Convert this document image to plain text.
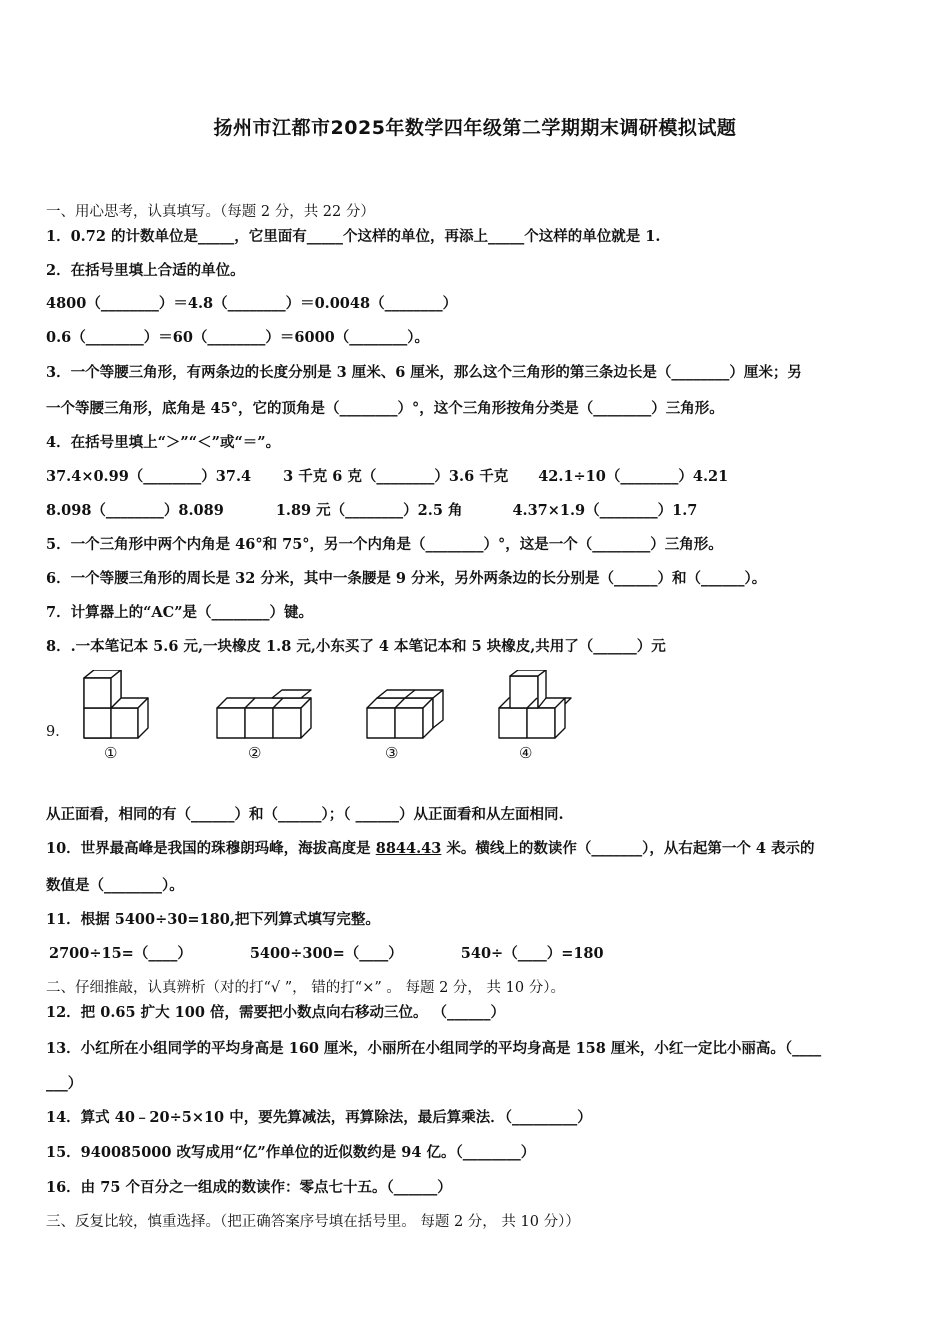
扬州市江都市2025年数学四年级第二学期期末调研模拟试题
一、用心思考，认真填写。（每题 2 分，共 22 分）
1．0.72 的计数单位是_____，它里面有_____个这样的单位，再添上_____个这样的单位就是 1.
2．在括号里填上合适的单位。
4800（________）＝4.8（________）＝0.0048（________）
0.6（________）＝60（________）＝6000（________）。
3．一个等腰三角形，有两条边的长度分别是 3 厘米、6 厘米，那么这个三角形的第三条边长是（________）厘米；另
一个等腰三角形，底角是 45°，它的顶角是（________）°，这个三角形按角分类是（________）三角形。
4．在括号里填上“＞”“＜”或“＝”。
37.4×0.99（________）37.4 3 千克 6 克（________）3.6 千克 42.1÷10（________）4.21
8.098（________）8.089	1.89 元（________）2.5 角	4.37×1.9（________）1.7
5．一个三角形中两个内角是 46°和 75°，另一个内角是（________）°，这是一个（________）三角形。
6．一个等腰三角形的周长是 32 分米，其中一条腰是 9 分米，另外两条边的长分别是（______）和（______）。
7．计算器上的“AC”是（________）键。
8．.一本笔记本 5.6 元,一块橡皮 1.8 元,小东买了 4 本笔记本和 5 块橡皮,共用了（______）元
9．
①	②	③	④
从正面看，相同的有（______）和（______）；（ ______）从正面看和从左面相同.
10．世界最高峰是我国的珠穆朗玛峰，海拔高度是 8844.43 米。横线上的数读作（_______），从右起第一个 4 表示的
数值是（________）。
11．根据 5400÷30=180,把下列算式填写完整。
2700÷15=（____）	5400÷300=（____）	540÷（____）=180
二、仔细推敲，认真辨析（对的打“√ ”， 错的打“×” 。 每题 2 分， 共 10 分）。
12．把 0.65 扩大 100 倍，需要把小数点向右移动三位。 （______）
13．小红所在小组同学的平均身高是 160 厘米，小丽所在小组同学的平均身高是 158 厘米，小红一定比小丽高。（____
___）
14．算式 40﹣20÷5×10 中，要先算减法，再算除法，最后算乘法．（_________）
15．940085000 改写成用“亿”作单位的近似数约是 94 亿。（________）
16．由 75 个百分之一组成的数读作：零点七十五。（______）
三、反复比较，慎重选择。（把正确答案序号填在括号里。 每题 2 分， 共 10 分））
